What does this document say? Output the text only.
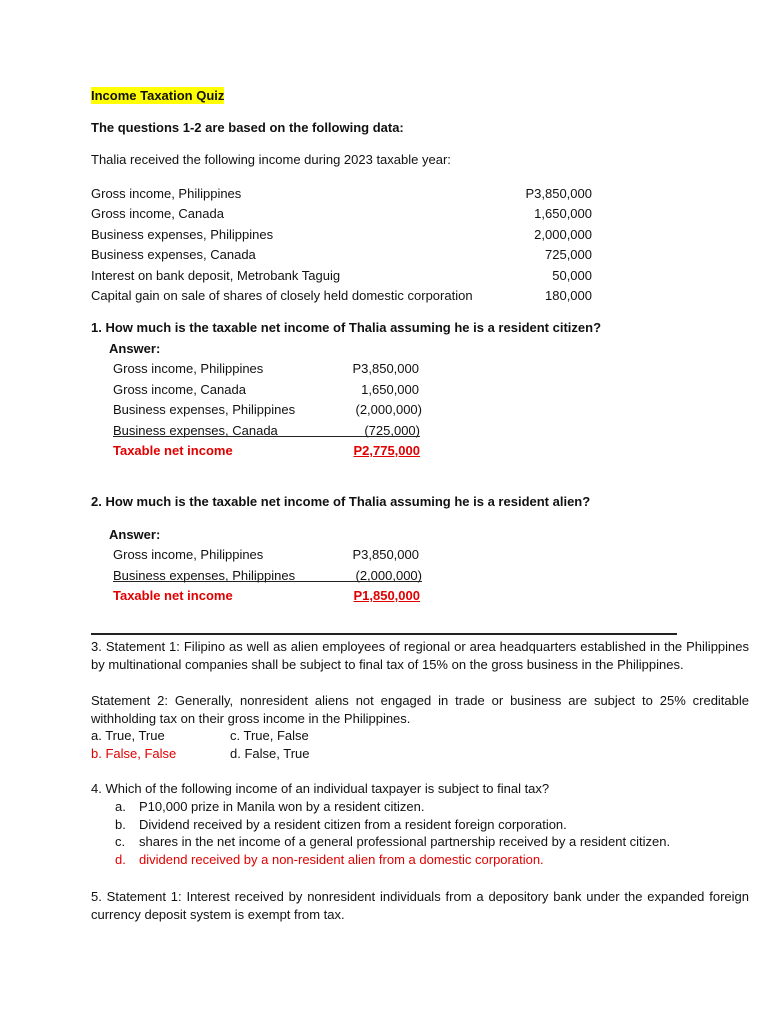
Income Taxation Quiz
The questions 1-2 are based on the following data:
Thalia received the following income during 2023 taxable year:
Gross income, Philippines	P3,850,000
Gross income, Canada	1,650,000
Business expenses, Philippines	2,000,000
Business expenses, Canada	725,000
Interest on bank deposit, Metrobank Taguig	50,000
Capital gain on sale of shares of closely held domestic corporation	180,000
1. How much is the taxable net income of Thalia assuming he is a resident citizen?
Answer:
Gross income, Philippines	P3,850,000
Gross income, Canada	1,650,000
Business expenses, Philippines	(2,000,000)
Business expenses, Canada	(725,000)
Taxable net income	P2,775,000
2. How much is the taxable net income of Thalia assuming he is a resident alien?
Answer:
Gross income, Philippines	P3,850,000
Business expenses, Philippines	(2,000,000)
Taxable net income	P1,850,000
3. Statement 1: Filipino as well as alien employees of regional or area headquarters established in the Philippines by multinational companies shall be subject to final tax of 15% on the gross business in the Philippines.
Statement 2: Generally, nonresident aliens not engaged in trade or business are subject to 25% creditable withholding tax on their gross income in the Philippines.
a. True, True	c. True, False
b. False, False	d. False, True
4. Which of the following income of an individual taxpayer is subject to final tax?
a. P10,000 prize in Manila won by a resident citizen.
b. Dividend received by a resident citizen from a resident foreign corporation.
c. shares in the net income of a general professional partnership received by a resident citizen.
d. dividend received by a non-resident alien from a domestic corporation.
5. Statement 1: Interest received by nonresident individuals from a depository bank under the expanded foreign currency deposit system is exempt from tax.
